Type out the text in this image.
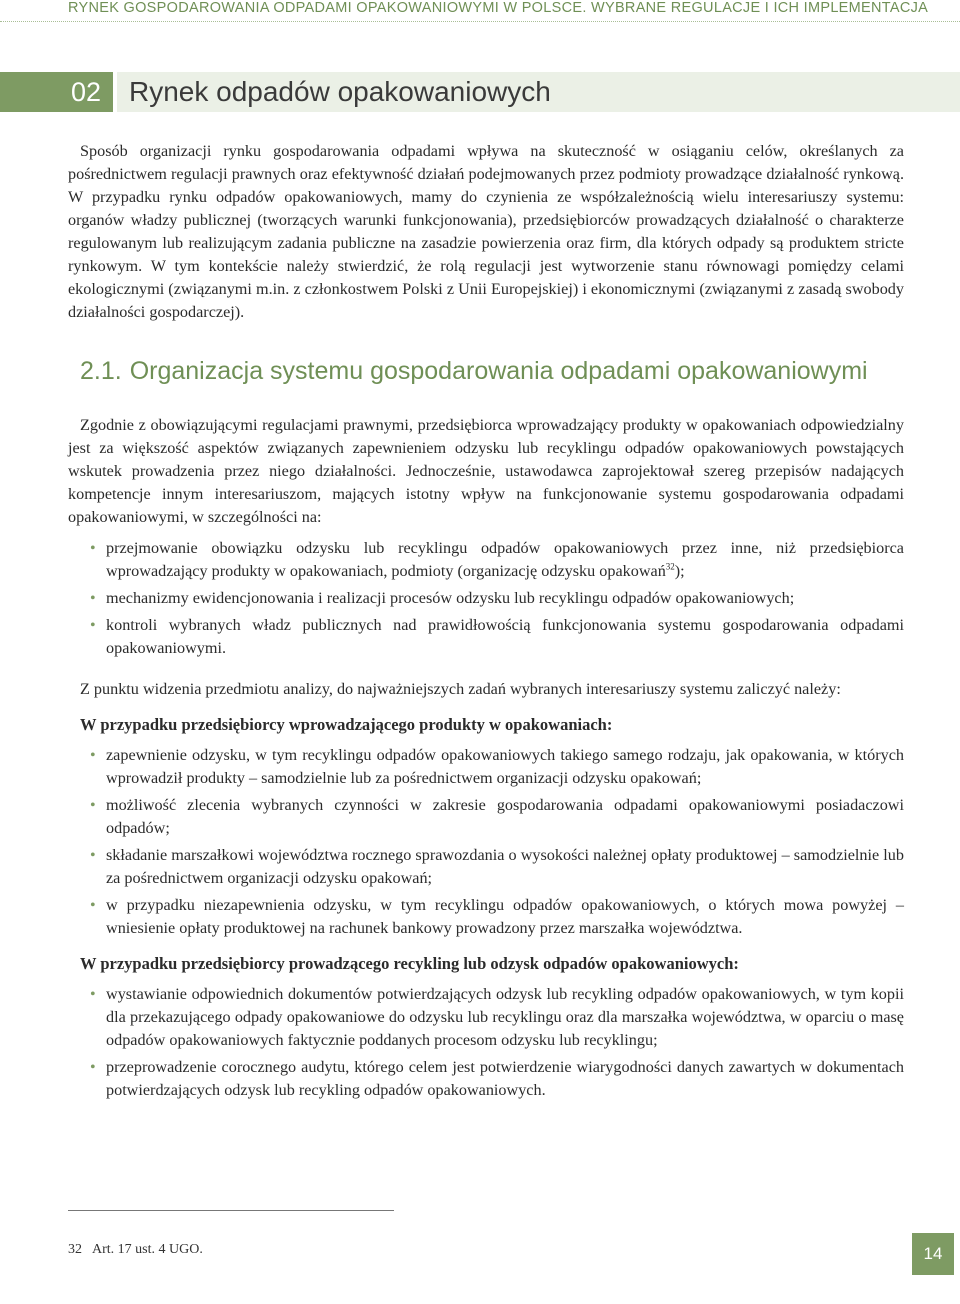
RYNEK GOSPODAROWANIA ODPADAMI OPAKOWANIOWYMI W POLSCE. WYBRANE REGULACJE I ICH IMPLEMENTACJA
02	Rynek odpadów opakowaniowych

Sposób organizacji rynku gospodarowania odpadami wpływa na skuteczność w osiąganiu celów, określanych za pośrednictwem regulacji prawnych oraz efektywność działań podejmowanych przez podmioty prowadzące działalność rynkową. W przypadku rynku odpadów opakowaniowych, mamy do czynienia ze współzależnością wielu interesariuszy systemu: organów władzy publicznej (tworzących warunki funkcjonowania), przedsiębiorców prowadzących działalność o charakterze regulowanym lub realizującym zadania publiczne na zasadzie powierzenia oraz firm, dla których odpady są produktem stricte rynkowym. W tym kontekście należy stwierdzić, że rolą regulacji jest wytworzenie stanu równowagi pomiędzy celami ekologicznymi (związanymi m.in. z członkostwem Polski z Unii Europejskiej) i ekonomicznymi (związanymi z zasadą swobody działalności gospodarczej).

2.1. Organizacja systemu gospodarowania odpadami opakowaniowymi

Zgodnie z obowiązującymi regulacjami prawnymi, przedsiębiorca wprowadzający produkty w opakowaniach odpowiedzialny jest za większość aspektów związanych zapewnieniem odzysku lub recyklingu odpadów opakowaniowych powstających wskutek prowadzenia przez niego działalności. Jednocześnie, ustawodawca zaprojektował szereg przepisów nadających kompetencje innym interesariuszom, mających istotny wpływ na funkcjonowanie systemu gospodarowania odpadami opakowaniowymi, w szczególności na:

• przejmowanie obowiązku odzysku lub recyklingu odpadów opakowaniowych przez inne, niż przedsiębiorca wprowadzający produkty w opakowaniach, podmioty (organizację odzysku opakowań$^{32}$);
• mechanizmy ewidencjonowania i realizacji procesów odzysku lub recyklingu odpadów opakowaniowych;
• kontroli wybranych władz publicznych nad prawidłowością funkcjonowania systemu gospodarowania odpadami opakowaniowymi.

Z punktu widzenia przedmiotu analizy, do najważniejszych zadań wybranych interesariuszy systemu zaliczyć należy:

W przypadku przedsiębiorcy wprowadzającego produkty w opakowaniach:
• zapewnienie odzysku, w tym recyklingu odpadów opakowaniowych takiego samego rodzaju, jak opakowania, w których wprowadził produkty – samodzielnie lub za pośrednictwem organizacji odzysku opakowań;
• możliwość zlecenia wybranych czynności w zakresie gospodarowania odpadami opakowaniowymi posiadaczowi odpadów;
• składanie marszałkowi województwa rocznego sprawozdania o wysokości należnej opłaty produktowej – samodzielnie lub za pośrednictwem organizacji odzysku opakowań;
• w przypadku niezapewnienia odzysku, w tym recyklingu odpadów opakowaniowych, o których mowa powyżej – wniesienie opłaty produktowej na rachunek bankowy prowadzony przez marszałka województwa.
W przypadku przedsiębiorcy prowadzącego recykling lub odzysk odpadów opakowaniowych:
• wystawianie odpowiednich dokumentów potwierdzających odzysk lub recykling odpadów opakowaniowych, w tym kopii dla przekazującego odpady opakowaniowe do odzysku lub recyklingu oraz dla marszałka województwa, w oparciu o masę odpadów opakowaniowych faktycznie poddanych procesom odzysku lub recyklingu;
• przeprowadzenie corocznego audytu, którego celem jest potwierdzenie wiarygodności danych zawartych w dokumentach potwierdzających odzysk lub recykling odpadów opakowaniowych.
32 Art. 17 ust. 4 UGO.	14
